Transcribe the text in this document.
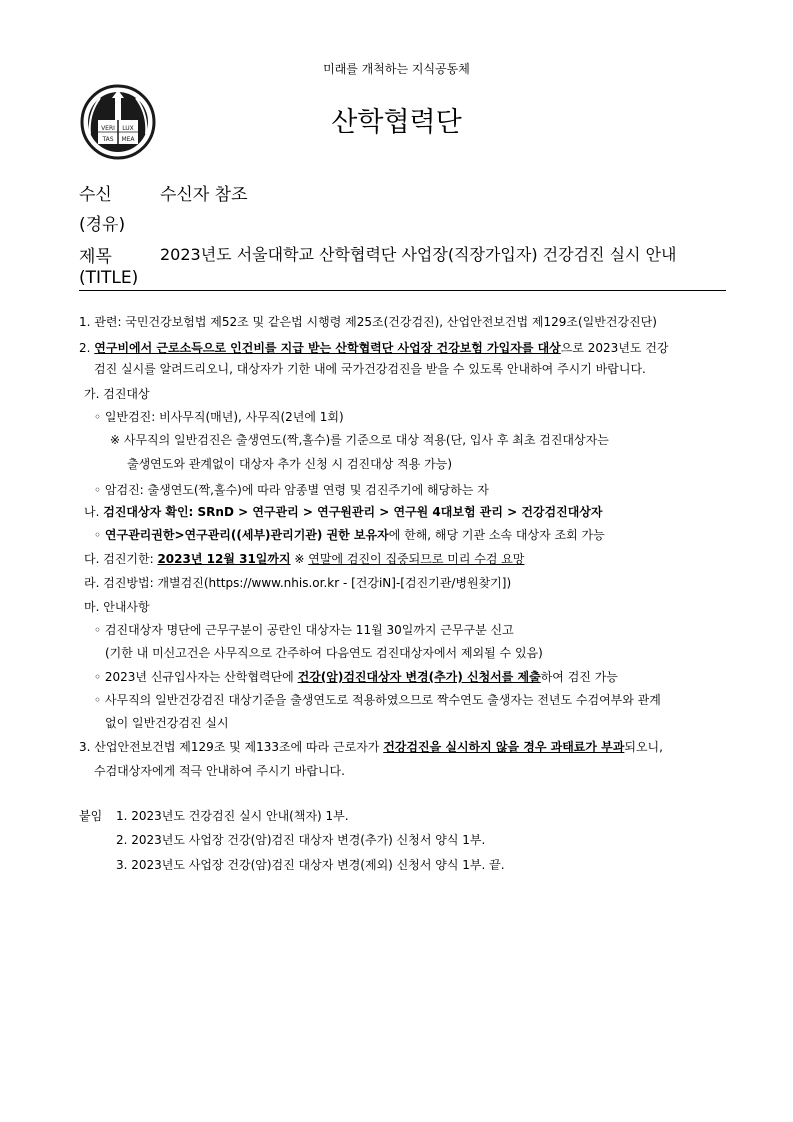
미래를 개척하는 지식공동체
VERI LUX
TAS MEA
산학협력단
수신	수신자 참조
(경유)
제목	2023년도 서울대학교 산학협력단 사업장(직장가입자) 건강검진 실시 안내
(TITLE)
1. 관련: 국민건강보험법 제52조 및 같은법 시행령 제25조(건강검진), 산업안전보건법 제129조(일반건강진단)
2. 연구비에서 근로소득으로 인건비를 지급 받는 산학협력단 사업장 건강보험 가입자를 대상으로 2023년도 건강
검진 실시를 알려드리오니, 대상자가 기한 내에 국가건강검진을 받을 수 있도록 안내하여 주시기 바랍니다.
가. 검진대상
◦ 일반검진: 비사무직(매년), 사무직(2년에 1회)
※ 사무직의 일반검진은 출생연도(짝,홀수)를 기준으로 대상 적용(단, 입사 후 최초 검진대상자는
출생연도와 관계없이 대상자 추가 신청 시 검진대상 적용 가능)
◦ 암검진: 출생연도(짝,홀수)에 따라 암종별 연령 및 검진주기에 해당하는 자
나. 검진대상자 확인: SRnD > 연구관리 > 연구원관리 > 연구원 4대보험 관리 > 건강검진대상자
◦ 연구관리권한>연구관리((세부)관리기관) 권한 보유자에 한해, 해당 기관 소속 대상자 조회 가능
다. 검진기한: 2023년 12월 31일까지 ※ 연말에 검진이 집중되므로 미리 수검 요망
라. 검진방법: 개별검진(https://www.nhis.or.kr - [건강iN]-[검진기관/병원찾기])
마. 안내사항
◦ 검진대상자 명단에 근무구분이 공란인 대상자는 11월 30일까지 근무구분 신고
(기한 내 미신고건은 사무직으로 간주하여 다음연도 검진대상자에서 제외될 수 있음)
◦ 2023년 신규입사자는 산학협력단에 건강(암)검진대상자 변경(추가) 신청서를 제출하여 검진 가능
◦ 사무직의 일반건강검진 대상기준을 출생연도로 적용하였으므로 짝수연도 출생자는 전년도 수검여부와 관계
없이 일반건강검진 실시
3. 산업안전보건법 제129조 및 제133조에 따라 근로자가 건강검진을 실시하지 않을 경우 과태료가 부과되오니,
수검대상자에게 적극 안내하여 주시기 바랍니다.
붙임 1. 2023년도 건강검진 실시 안내(책자) 1부.
2. 2023년도 사업장 건강(암)검진 대상자 변경(추가) 신청서 양식 1부.
3. 2023년도 사업장 건강(암)검진 대상자 변경(제외) 신청서 양식 1부. 끝.
